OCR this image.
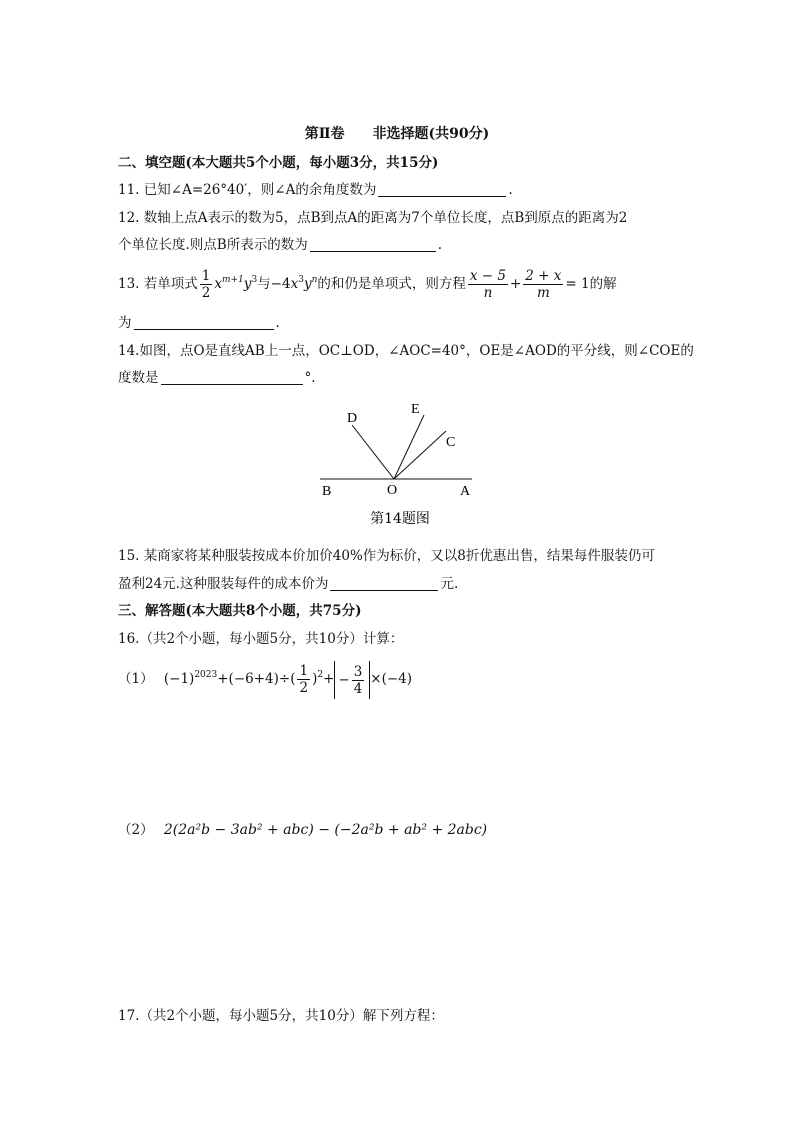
第Ⅱ卷　　非选择题(共90分)
二、填空题(本大题共5个小题，每小题3分，共15分)
11. 已知∠A=26°40′，则∠A的余角度数为	.
12. 数轴上点A表示的数为5，点B到点A的距离为7个单位长度，点B到原点的距离为2
个单位长度.则点B所表示的数为	.
13. 若单项式 $\frac{1}{2} x^{m+1}y^3$与$-4x^3y^n$的和仍是单项式，则方程 $\frac{x - 5}{n} + \frac{2 + x}{m} = 1$的解
为	.
14.如图，点O是直线AB上一点，OC⊥OD，∠AOC=40°，OE是∠AOD的平分线，则∠COE的
度数是	°.
D
E
C
B	O	A
第14题图
15. 某商家将某种服装按成本价加价40%作为标价，又以8折优惠出售，结果每件服装仍可
盈利24元.这种服装每件的成本价为	元.
三、解答题(本大题共8个小题，共75分)
16.（共2个小题，每小题5分，共10分）计算：
（1） $(-1)^{2023}+(-6+4)\div( \frac{1}{2} )^2+ - \frac{3}{4} \times(-4)$
（2） 2(2a²b − 3ab² + abc) − (−2a²b + ab² + 2abc)
17.（共2个小题，每小题5分，共10分）解下列方程：
